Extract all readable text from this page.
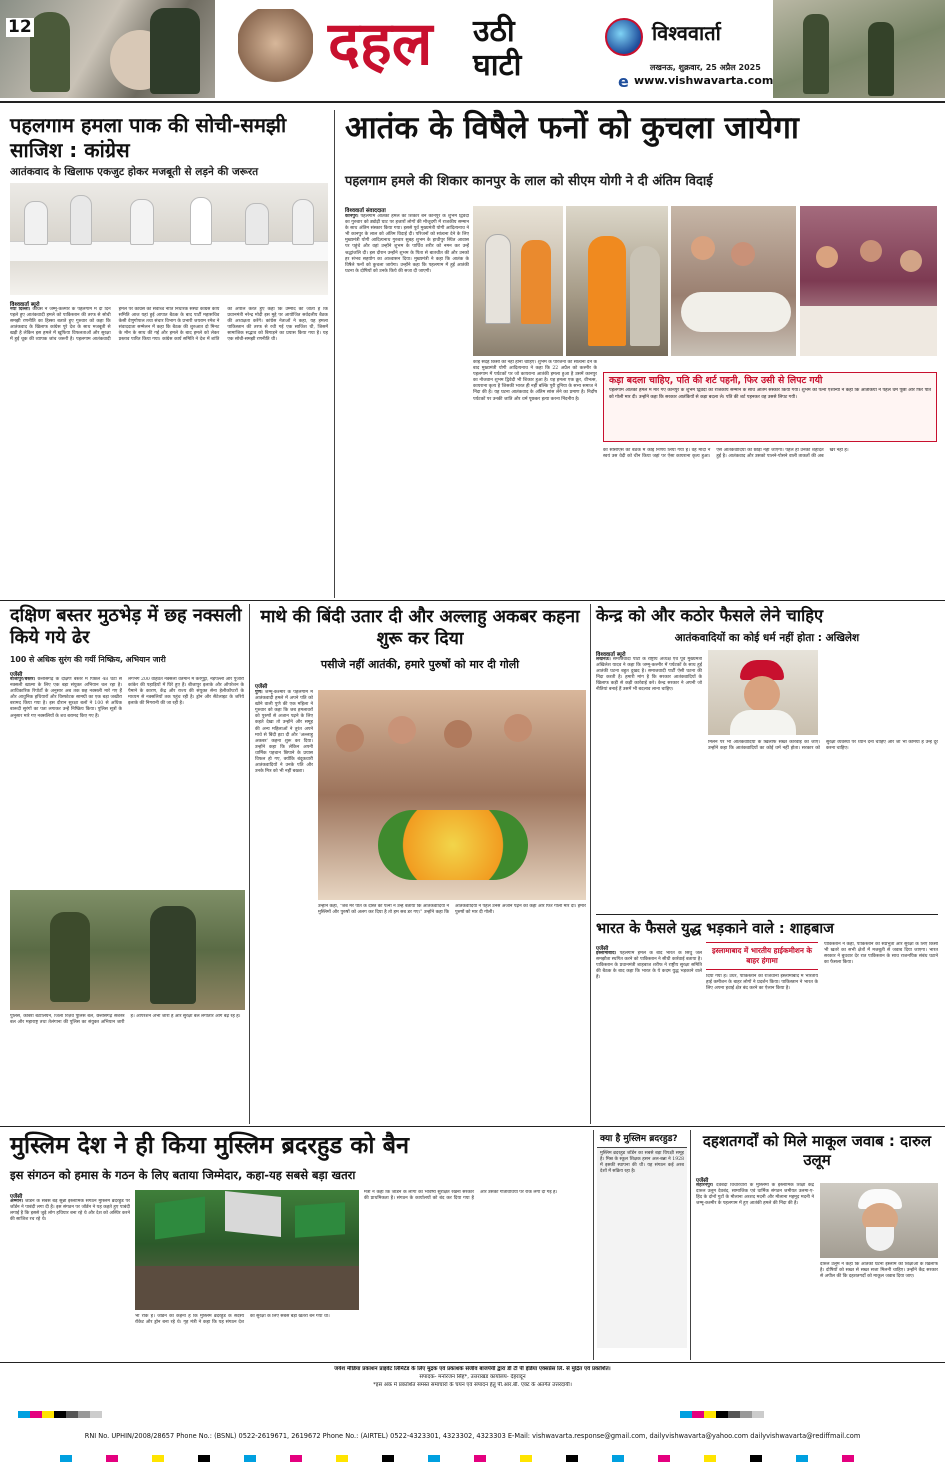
12	दहल उठी घाटी
विश्ववार्ता
लखनऊ, शुक्रवार, 25 अप्रैल 2025
e www.vishwavarta.com
पहलगाम हमला पाक की सोची-समझी साजिश : कांग्रेस
आतंकवाद के खिलाफ एकजुट होकर मजबूती से लड़ने की जरूरत
विश्ववार्ता ब्यूरो
नयी दिल्ली। कांग्रेस ने जम्मू-कश्मीर के पहलगाम में दो दिन पहले हुए आतंकवादी हमले को पाकिस्तान की तरफ से सोची समझी रणनीति का हिस्सा बताते हुए गुरुवार को कहा कि आतंकवाद के खिलाफ कांग्रेस पूरे देश के साथ मजबूती से खड़ी है लेकिन इस हमले में खुफिया विफलताओं और सुरक्षा में हुई चूक की व्यापक जांच जरूरी है। पहलगाम आतंकवादी हमले पर कांग्रेस की सर्वोच्च नीति निर्धारक संस्था कांग्रेस कार्य समिति आज यहां हुई आपात बैठक के बाद पार्टी महासचिव केसी वेणुगोपाल तथा संचार विभाग के प्रभारी जयराम रमेश ने संवाददाता सम्मेलन में कहा कि बैठक की शुरुआत दो मिनट के मौन के साथ की गई और हमले के बाद हमले को लेकर प्रस्ताव पारित किया गया। कांग्रेस कार्य समिति ने देश में शांति की अपील करते हुए कहा कि उम्मीद की जाती है कि प्रधानमंत्री नरेन्द्र मोदी इस मुद्दे पर आयोजित सर्वदलीय बैठक की अध्यक्षता करेंगे। कांग्रेस नेताओं ने कहा, यह हमला पाकिस्तान की तरफ से रची गई एक साजिश थी, जिसमें सामाजिक सद्भाव को बिगाड़ने का प्रयास किया गया है। यह एक सोची-समझी रणनीति थी।
आतंक के विषैले फनों को कुचला जायेगा
पहलगाम हमले की शिकार कानपुर के लाल को सीएम योगी ने दी अंतिम विदाई
विश्ववार्ता संवाददाता
कानपुर। पहलगाम आतंकी हमले का शिकार बने कानपुर के शुभम द्विवेदी का गुरुवार को ड्योढ़ी घाट पर हजारों लोगों की मौजूदगी में राजकीय सम्मान के साथ अंतिम संस्कार किया गया। इससे पूर्व मुख्यमंत्री योगी आदित्यनाथ ने भी कानपुर के लाल को अंतिम विदाई दी। परिजनों को सांत्वना देने के लिए मुख्यमंत्री योगी आदित्यनाथ गुरुवार सुबह शुभम के हाथीपुर स्थित आवास पर पहुंचे और वहां उन्होंने शुभम के पार्थिव शरीर को नमन कर उन्हें श्रद्धांजलि दी। इस दौरान उन्होंने शुभम के पिता से बातचीत की और उनको हर संभव सहयोग का आश्वासन दिया। मुख्यमंत्री ने कहा कि आतंक के विषैले फनों को कुचला जायेगा। उन्होंने कहा कि पहलगाम में हुई आतंकी घटना के दोषियों को उनके किये की सजा दी जाएगी।
कोई संदेह किसी को नहीं होना चाहिए। शुभम के परिजनों को सांत्वना देने के बाद मुख्यमंत्री योगी आदित्यनाथ ने कहा कि 22 अप्रैल को कश्मीर के पहलगाम में पर्यटकों पर जो कायराना आतंकी हमला हुआ है उसमें कानपुर का नौजवान शुभम द्विवेदी भी शिकार हुआ है। यह हमला एक क्रूर, वीभत्स, कायराना कृत्य है जिसकी भारत ही नहीं बल्कि पूरी दुनिया के सभ्य समाज ने निंदा की है। यह घटना आतंकवाद के अंतिम सांस लेने का प्रमाण है। निर्दोष पर्यटकों पर उनकी जाति और धर्म पूछकर हत्या करना निंदनीय है।
कड़ा बदला चाहिए, पति की शर्ट पहनी, फिर उसी से लिपट गयी
पहलगाम आतंकी हमले में मारे गए कानपुर के शुभम द्विवेदी का राजकीय सम्मान के साथ अंतिम संस्कार किया गया। शुभम की पत्नी ऐशान्या ने कहा कि आतंकियों ने पहले धर्म पूछा और फिर पति को गोली मार दी। उन्होंने कहा कि सरकार आतंकियों से कड़ा बदला ले। पति की शर्ट पहनकर वह उससे लिपट गयी।
को सीसीएस की बैठक में कोई निर्णय लिया गया है। वह मोदी ने स्वयं उस वेदी को चीन किया जहां पर ऐसा कायराना कृत्य हुआ। ऐसे आतंकवादियों को छोड़ा नहीं जाएगा। पहले ही उनकी शहादत हुई है। आतंकवाद और उसको पालने-पोसने वाली ताकतों की अब खैर नहीं है।
दक्षिण बस्तर मुठभेड़ में छह नक्सली किये गये ढेर
100 से अधिक सुरंग की गयीं निष्क्रिय, अभियान जारी
एजेंसी
बीजापुर/बस्तर। छत्तीसगढ़ के दक्षिण बस्तर में पिछले 48 घंटों से नक्सली खात्मा के लिए एक बड़ा संयुक्त अभियान चल रहा है। आधिकारिक रिपोर्टों के अनुसार अब तक छह नक्सली मारे गए हैं और आधुनिक हथियारों और विस्फोटक सामग्री का एक बड़ा जखीरा बरामद किया गया है। इस दौरान सुरक्षा बलों ने 100 से अधिक बारूदी सुरंगों का पता लगाकर उन्हें निष्क्रिय किया। पुलिस सूत्रों के अनुसार मारे गए नक्सलियों के शव बरामद किए गए हैं।
लगभग 200 वाहवत नक्सली वर्तमान में कर्रेगुट्टा, नड़पल्ली और पुजारी कांकेर की पहाड़ियों में घिरे हुए हैं। बीजापुर इलाके और ऑपरेशन के पैमाने के कारण, केंद्र और राज्य की संयुक्त सेना हेलीकॉप्टरों के माध्यम से नक्सलियों तक पहुंच रही है। ड्रोन और सैटेलाइट के जरिये इलाके की निगरानी की जा रही है।
पुलिस, कोबरा बटालियन, जिला रिज़र्व पुलिस बल, छत्तीसगढ़ सशस्त्र बल और महाराष्ट्र तथा तेलंगाना की पुलिस का संयुक्त अभियान जारी है। ऑपरेशन अभी जारी है और सुरक्षा बल लगातार आगे बढ़ रहे हैं।
माथे की बिंदी उतार दी और अल्लाहु अकबर कहना शुरू कर दिया
पसीजे नहीं आतंकी, हमारे पुरुषों को मार दी गोली
एजेंसी
पुणे। जम्मू-कश्मीर के पहलगाम में आतंकवादी हमले में अपने पति को खोने वाली पुणे की एक महिला ने गुरुवार को कहा कि जब हमलावरों को पुरुषों से अजान पढ़ने के लिए कहते देखा तो उन्होंने और समूह की अन्य महिलाओं ने तुरंत अपने माथे से बिंदी हटा दी और 'अल्लाहु अकबर' कहना शुरू कर दिया। उन्होंने कहा कि लेकिन अपनी धार्मिक पहचान छिपाने के प्रयास विफल हो गए, क्योंकि बंदूकधारी आतंकवादियों ने उनके पति और उनके मित्र को भी नहीं बख्शा।
उन्होंने कहा, "जब मेरे पति के दोस्त की पत्नी ने उन्हें बताया कि आतंकवादियों ने मुस्लिमों और पुरुषों को अलग कर दिया है तो हम सब डर गए।" उन्होंने कहा कि आतंकवादियों ने पहले उनसे अजान पढ़ने को कहा और फिर गोली मार दी। हमारे पुरुषों को मार दी गोली।
केन्द्र को और कठोर फैसले लेने चाहिए
आतंकवादियों का कोई धर्म नहीं होता : अखिलेश
विश्ववार्ता ब्यूरो
लखनऊ। समाजवादी पार्टी के राष्ट्रीय अध्यक्ष एवं पूर्व मुख्यमंत्री अखिलेश यादव ने कहा कि जम्मू-कश्मीर में पर्यटकों के साथ हुई आतंकी घटना बहुत दुखद है। समाजवादी पार्टी ऐसी घटना की निंदा करती है। हमारी मांग है कि सरकार आतंकवादियों के खिलाफ कड़ी से कड़ी कार्रवाई करे। केन्द्र सरकार ने अपनी जो नीतियां बनाई हैं उसमें भी बदलाव लाना चाहिए।
मिलने पर भी आतंकवादियों के खिलाफ सख्त कार्रवाई की जाए। उन्होंने कहा कि आतंकवादियों का कोई धर्म नहीं होता। सरकार को सुरक्षा व्यवस्था पर ध्यान देना चाहिए और जो भी कमियां हैं उन्हें दूर करना चाहिए।
भारत के फैसले युद्ध भड़काने वाले : शाहबाज
एजेंसी
इस्लामाबाद। पहलगाम हमले के बाद भारत के सिंधु जल समझौता स्थगित करने को पाकिस्तान ने सीधी कार्रवाई बताया है। पाकिस्तान के प्रधानमंत्री शाहबाज शरीफ ने राष्ट्रीय सुरक्षा समिति की बैठक के बाद कहा कि भारत के ये कदम युद्ध भड़काने वाले हैं।
इस्लामाबाद में भारतीय हाईकमीशन के बाहर हंगामा
दिया गया है। उधर, पाकिस्तान की राजधानी इस्लामाबाद में भारतीय हाई कमीशन के बाहर लोगों ने प्रदर्शन किया। पाकिस्तान ने भारत के लिए अपना हवाई क्षेत्र बंद करने का ऐलान किया है।
पाकिस्तान ने कहा, पाकिस्तान की संप्रभुता और सुरक्षा के लिए किसी भी खतरे का सभी क्षेत्रों में मजबूती से जवाब दिया जाएगा। भारत सरकार ने बुधवार देर रात पाकिस्तान के साथ राजनयिक संबंध घटाने का फैसला किया।
मुस्लिम देश ने ही किया मुस्लिम ब्रदरहुड को बैन
इस संगठन को हमास के गठन के लिए बताया जिम्मेदार, कहा-यह सबसे बड़ा खतरा
एजेंसी
अम्मान। जॉर्डन के सबसे बड़े सुन्नी इस्लामिक संगठन मुस्लिम ब्रदरहुड पर जॉर्डन ने पाबंदी लगा दी है। इस संगठन पर जॉर्डन ने यह कहते हुए पाबंदी लगाई है कि इससे जुड़े लोग हथियार बना रहे थे और देश को अस्थिर करने की साजिश रच रहे थे।
भी रोक है। जॉर्डन का कहना है कि मुस्लिम ब्रदरहुड के सदस्य रॉकेट और ड्रोन बना रहे थे। गृह मंत्री ने कहा कि यह संगठन देश की सुरक्षा के लिए सबसे बड़ा खतरा बन गया था।
मंत्री ने कहा कि जॉर्डन के लोगों का भविष्य सुरक्षित रखना सरकार की प्राथमिकता है। संगठन के कार्यालयों को बंद कर दिया गया है और उसकी गतिविधियों पर रोक लगा दी गई है।
क्या है मुस्लिम ब्रदरहुड?
मुस्लिम ब्रदरहुड जॉर्डन का सबसे बड़ा विपक्षी समूह है। मिस्र के स्कूल शिक्षक हसन अल-बन्ना ने 1928 में इसकी स्थापना की थी। यह संगठन कई अरब देशों में सक्रिय रहा है।
दहशतगर्दों को मिले माकूल जवाब : दारुल उलूम
एजेंसी
सहारनपुर। देवबंदी विचारधारा के मुस्लिमों के इस्लामिक शिक्षा केंद्र दारुल उलूम देवबंद, सामाजिक एवं धार्मिक संगठन जमीयत उलमा-ए-हिंद के दोनों गुटों के मौलाना अरशद मदनी और मौलाना महमूद मदनी ने जम्मू-कश्मीर के पहलगाम में हुए आतंकी हमले की निंदा की है।
दारुल उलूम ने कहा कि आतंकी घटना इस्लाम की शिक्षाओं के खिलाफ है। दोषियों को सख्त से सख्त सजा मिलनी चाहिए। उन्होंने केंद्र सरकार से अपील की कि दहशतगर्दों को माकूल जवाब दिया जाए।
जयेश मीडिया प्रकाशन प्राइवेट लिमिटेड के लिए मुद्रक एवं प्रकाशक संजीव बाजपेयी द्वारा डी टी पी इंडिया एक्सप्रेस लि. से मुद्रित एवं प्रकाशित।
संपादक- मनोरंजन सिंह*, उत्तराखंड कार्यालय- देहरादून
*इस अंक में प्रकाशित समस्त समाचारों के चयन एवं संपादन हेतु पी.आर.बी. एक्ट के अंतर्गत उत्तरदायी।
RNI No. UPHIN/2008/28657 Phone No.: (BSNL) 0522-2619671, 2619672 Phone No.: (AIRTEL) 0522-4323301, 4323302, 4323303 E-Mail: vishwavarta.response@gmail.com, dailyvishwavarta@yahoo.com dailyvishwavarta@rediffmail.com
